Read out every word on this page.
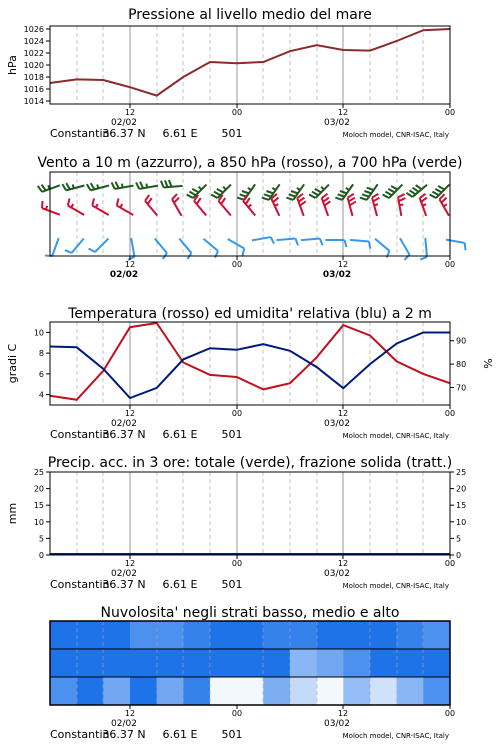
Pressione al livello medio del mare
1014
1016
1018
1020
1022
1024
1026
hPa
12	00	12	00
02/02	03/02
Constantin
36.37 N 6.61 E 501	Moloch model, CNR-ISAC, Italy
Vento a 10 m (azzurro), a 850 hPa (rosso), a 700 hPa (verde)
12	00	12	00
02/02	03/02
Temperatura (rosso) ed umidita' relativa (blu) a 2 m
4
6
8
10
gradi C
70
80
90
%
12	00	12	00
02/02	03/02
Constantin
36.37 N 6.61 E 501	Moloch model, CNR-ISAC, Italy
Precip. acc. in 3 ore: totale (verde), frazione solida (tratt.)
0	0
5	5
10	10
15	15
20	20
25	25
mm
12	00	12	00
02/02	03/02
Constantin
36.37 N 6.61 E 501	Moloch model, CNR-ISAC, Italy
Nuvolosita' negli strati basso, medio e alto
12	00	12	00
02/02	03/02
Constantin
36.37 N 6.61 E 501	Moloch model, CNR-ISAC, Italy
